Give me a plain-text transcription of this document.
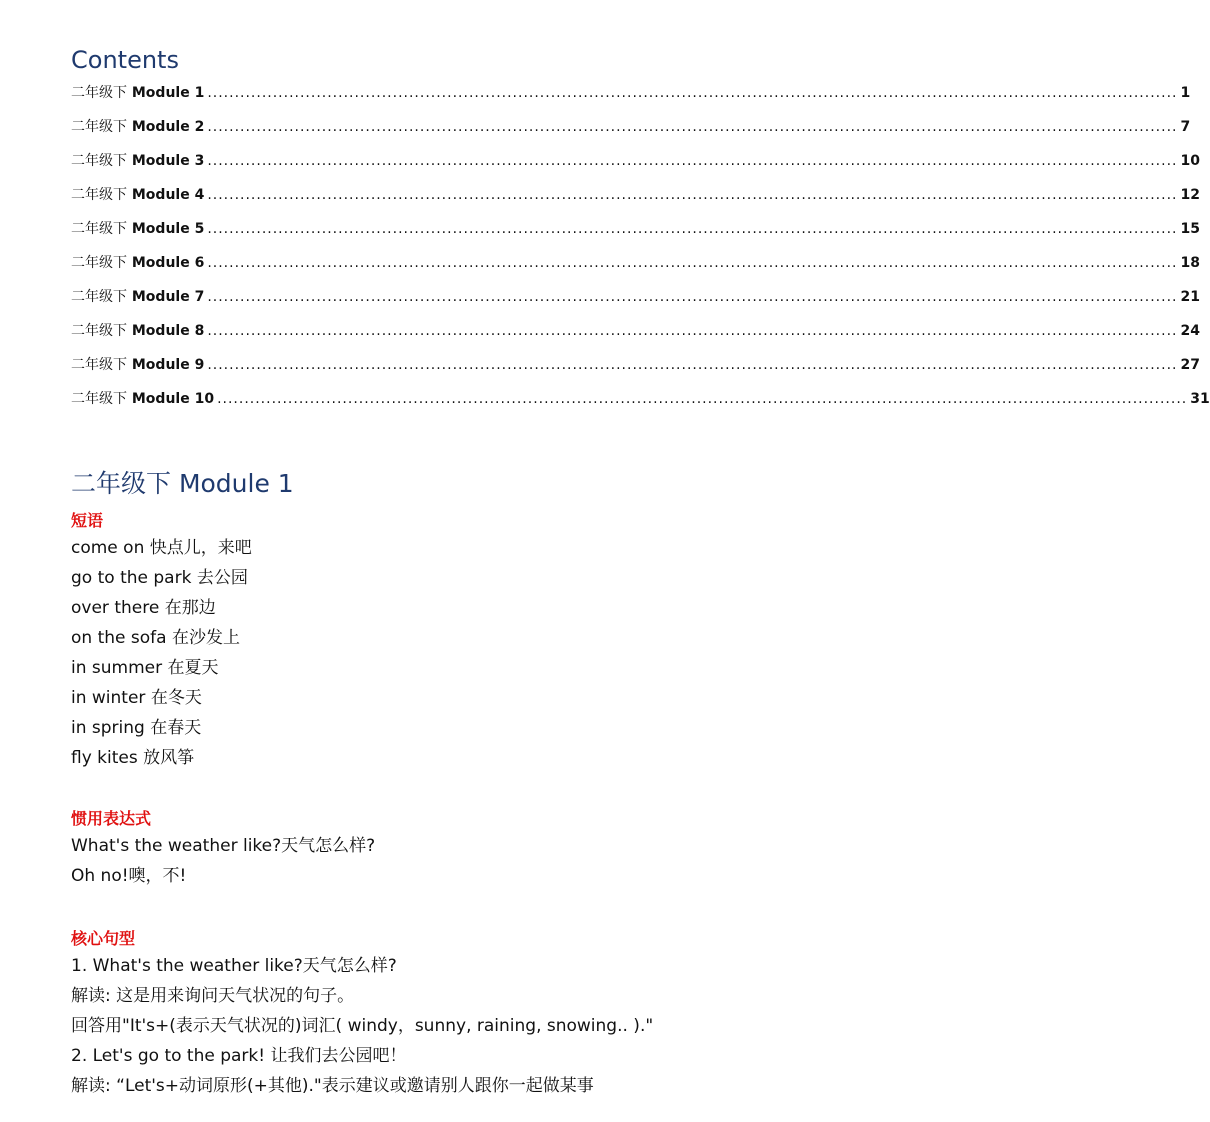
Contents
二年级下
Module 1 .................................................................................................................................................................................. 1
二年级下
Module 2 .................................................................................................................................................................................. 7
二年级下
Module 3 .................................................................................................................................................................................. 10
二年级下
Module 4 .................................................................................................................................................................................. 12
二年级下
Module 5 .................................................................................................................................................................................. 15
二年级下
Module 6 .................................................................................................................................................................................. 18
二年级下
Module 7 .................................................................................................................................................................................. 21
二年级下
Module 8 .................................................................................................................................................................................. 24
二年级下
Module 9 .................................................................................................................................................................................. 27
二年级下
Module 10 .................................................................................................................................................................................. 31
二年级下 Module 1
短语
come on 快点儿，来吧
go to the park 去公园
over there 在那边
on the sofa 在沙发上
in summer 在夏天
in winter 在冬天
in spring 在春天
fly kites 放风筝
惯用表达式
What's the weather like?天气怎么样?
Oh no!噢，不!
核心句型
1. What's the weather like?天气怎么样?
解读: 这是用来询问天气状况的句子。
回答用"It's+(表示天气状况的)词汇( windy，sunny, raining, snowing.. )."
2. Let's go to the park! 让我们去公园吧！
解读: “Let's+动词原形(+其他)."表示建议或邀请别人跟你一起做某事
